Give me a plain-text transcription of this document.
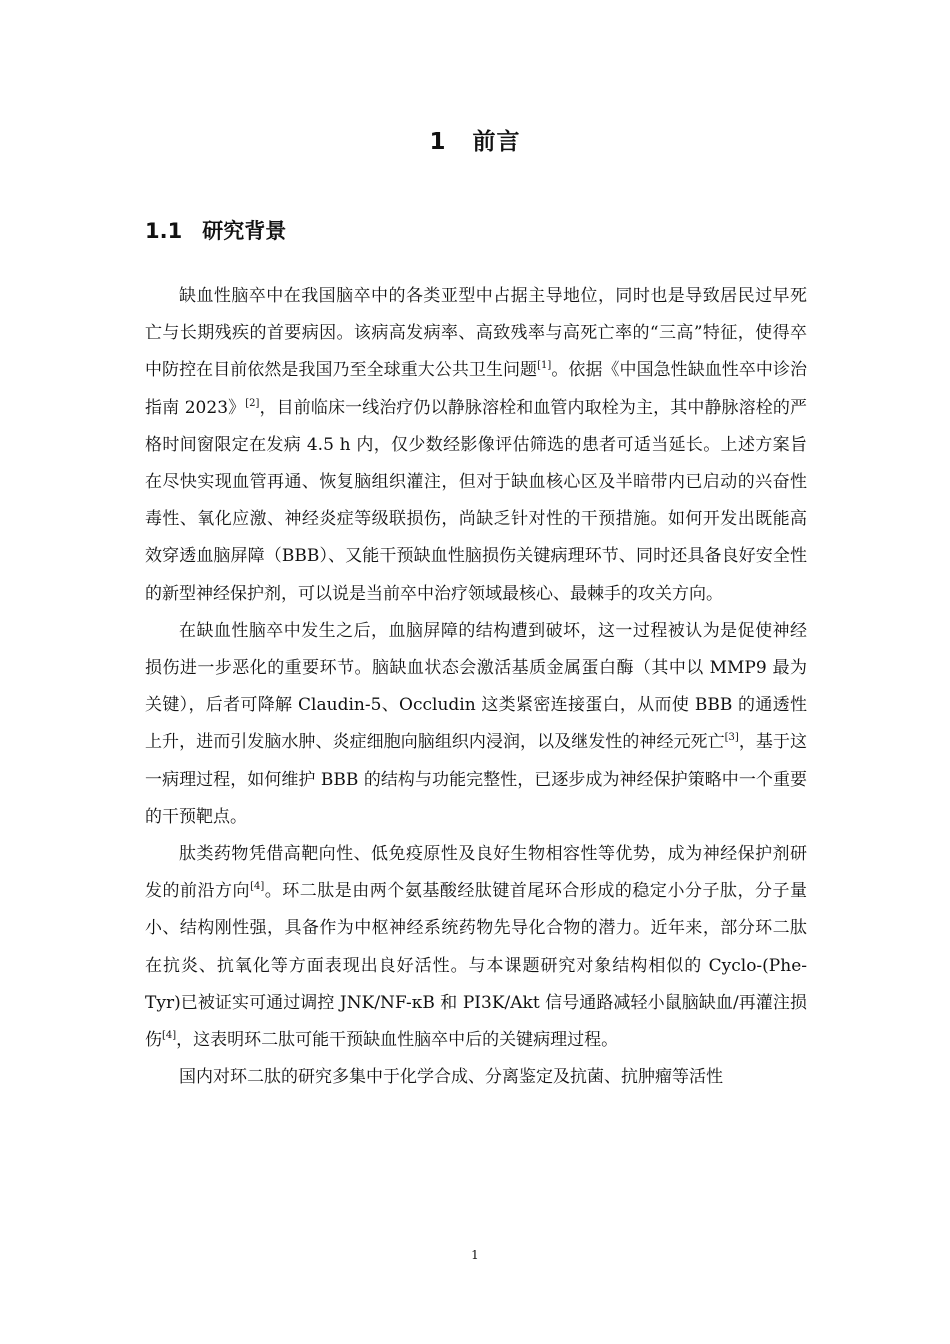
1 前言
1.1 研究背景

缺血性脑卒中在我国脑卒中的各类亚型中占据主导地位，同时也是导致居民过早死亡与长期残疾的首要病因。该病高发病率、高致残率与高死亡率的“三高”特征，使得卒中防控在目前依然是我国乃至全球重大公共卫生问题[1]。依据《中国急性缺血性卒中诊治指南 2023》[2]，目前临床一线治疗仍以静脉溶栓和血管内取栓为主，其中静脉溶栓的严格时间窗限定在发病 4.5 h 内，仅少数经影像评估筛选的患者可适当延长。上述方案旨在尽快实现血管再通、恢复脑组织灌注，但对于缺血核心区及半暗带内已启动的兴奋性毒性、氧化应激、神经炎症等级联损伤，尚缺乏针对性的干预措施。如何开发出既能高效穿透血脑屏障（BBB）、又能干预缺血性脑损伤关键病理环节、同时还具备良好安全性的新型神经保护剂，可以说是当前卒中治疗领域最核心、最棘手的攻关方向。

在缺血性脑卒中发生之后，血脑屏障的结构遭到破坏，这一过程被认为是促使神经损伤进一步恶化的重要环节。脑缺血状态会激活基质金属蛋白酶（其中以 MMP9 最为关键），后者可降解 Claudin-5、Occludin 这类紧密连接蛋白，从而使 BBB 的通透性上升，进而引发脑水肿、炎症细胞向脑组织内浸润，以及继发性的神经元死亡[3]，基于这一病理过程，如何维护 BBB 的结构与功能完整性，已逐步成为神经保护策略中一个重要的干预靶点。

肽类药物凭借高靶向性、低免疫原性及良好生物相容性等优势，成为神经保护剂研发的前沿方向[4]。环二肽是由两个氨基酸经肽键首尾环合形成的稳定小分子肽，分子量小、结构刚性强，具备作为中枢神经系统药物先导化合物的潜力。近年来，部分环二肽在抗炎、抗氧化等方面表现出良好活性。与本课题研究对象结构相似的 Cyclo-(Phe-Tyr)已被证实可通过调控 JNK/NF-κB 和 PI3K/Akt 信号通路减轻小鼠脑缺血/再灌注损伤[4]，这表明环二肽可能干预缺血性脑卒中后的关键病理过程。

国内对环二肽的研究多集中于化学合成、分离鉴定及抗菌、抗肿瘤等活性

1
